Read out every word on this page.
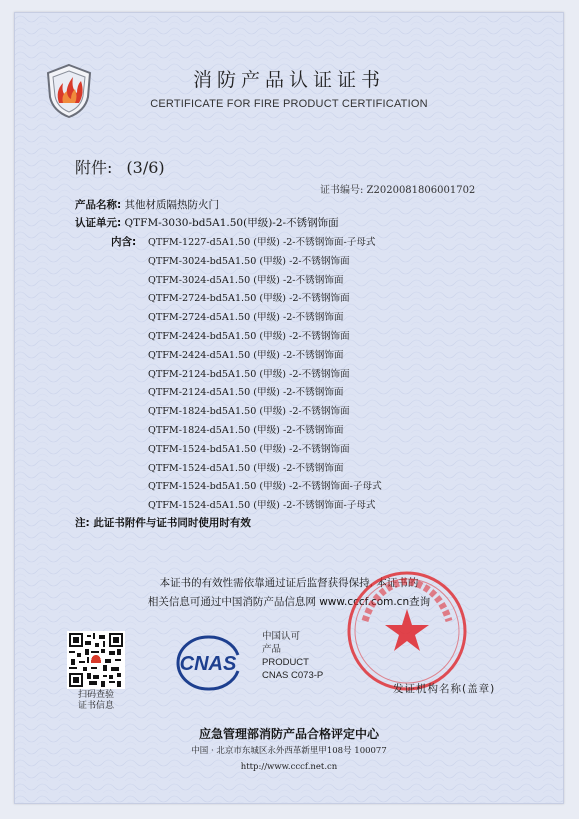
消防产品认证证书
CERTIFICATE FOR FIRE PRODUCT CERTIFICATION
附件: (3/6)
证书编号: Z2020081806001702
产品名称: 其他材质隔热防火门
认证单元: QTFM-3030-bd5A1.50(甲级)-2-不锈钢饰面
内含: QTFM-1227-d5A1.50 (甲级) -2-不锈钢饰面-子母式
QTFM-3024-bd5A1.50 (甲级) -2-不锈钢饰面
QTFM-3024-d5A1.50 (甲级) -2-不锈钢饰面
QTFM-2724-bd5A1.50 (甲级) -2-不锈钢饰面
QTFM-2724-d5A1.50 (甲级) -2-不锈钢饰面
QTFM-2424-bd5A1.50 (甲级) -2-不锈钢饰面
QTFM-2424-d5A1.50 (甲级) -2-不锈钢饰面
QTFM-2124-bd5A1.50 (甲级) -2-不锈钢饰面
QTFM-2124-d5A1.50 (甲级) -2-不锈钢饰面
QTFM-1824-bd5A1.50 (甲级) -2-不锈钢饰面
QTFM-1824-d5A1.50 (甲级) -2-不锈钢饰面
QTFM-1524-bd5A1.50 (甲级) -2-不锈钢饰面
QTFM-1524-d5A1.50 (甲级) -2-不锈钢饰面
QTFM-1524-bd5A1.50 (甲级) -2-不锈钢饰面-子母式
QTFM-1524-d5A1.50 (甲级) -2-不锈钢饰面-子母式
注: 此证书附件与证书同时使用时有效
本证书的有效性需依靠通过证后监督获得保持, 本证书的
相关信息可通过中国消防产品信息网 www.cccf.com.cn查询
扫码查验
证书信息
CNAS
中国认可
产品
PRODUCT
CNAS C073-P
发证机构名称(盖章)
应急管理部消防产品合格评定中心
中国 · 北京市东城区永外西革新里甲108号 100077
http://www.cccf.net.cn
